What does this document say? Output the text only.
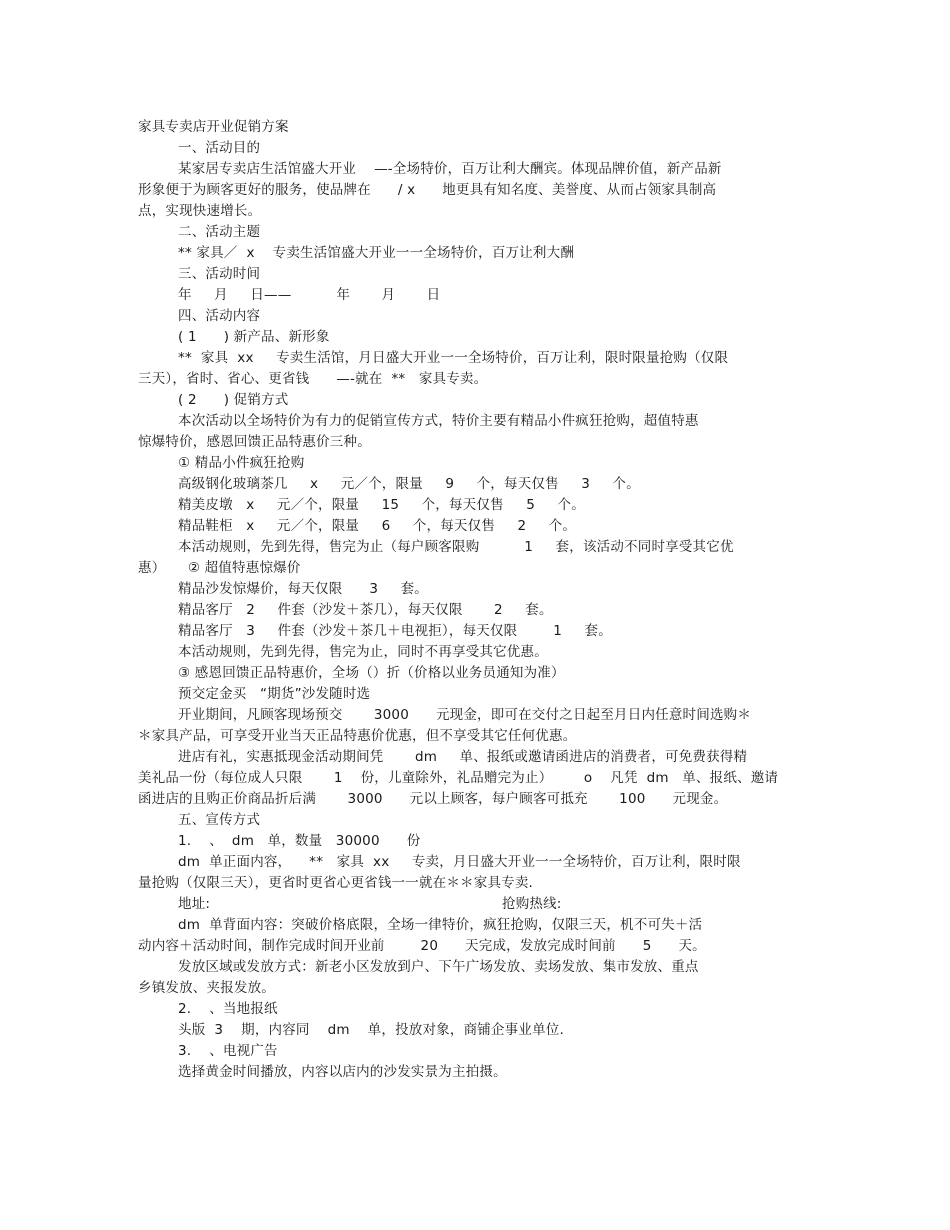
家具专卖店开业促销方案
一、活动目的
某家居专卖店生活馆盛大开业    —-全场特价，百万让利大酬宾。体现品牌价值，新产品新
形象便于为顾客更好的服务，使品牌在      / x      地更具有知名度、美誉度、从而占领家具制高
点，实现快速增长。
二、活动主题
** 家具／  x    专卖生活馆盛大开业一一全场特价，百万让利大酬
三、活动时间
年     月     日——          年       月       日
四、活动内容
( 1      ) 新产品、新形象
**  家具  xx     专卖生活馆，月日盛大开业一一全场特价，百万让利，限时限量抢购（仅限
三天），省时、省心、更省钱      —-就在  **   家具专卖。
( 2      ) 促销方式
本次活动以全场特价为有力的促销宣传方式，特价主要有精品小件疯狂抢购，超值特惠
惊爆特价，感恩回馈正品特惠价三种。
① 精品小件疯狂抢购
高级钢化玻璃茶几     x     元／个，限量     9     个，每天仅售     3     个。
精美皮墩   x     元／个，限量     15     个，每天仅售     5     个。
精品鞋柜   x     元／个，限量     6     个，每天仅售     2     个。
本活动规则，先到先得，售完为止（每户顾客限购          1     套，该活动不同时享受其它优
惠）     ② 超值特惠惊爆价
精品沙发惊爆价，每天仅限      3     套。
精品客厅   2     件套（沙发＋茶几），每天仅限       2     套。
精品客厅   3     件套（沙发＋茶几＋电视拒），每天仅限        1     套。
本活动规则，先到先得，售完为止，同时不再享受其它优惠。
③ 感恩回馈正品特惠价，全场（）折（价格以业务员通知为准）
预交定金买   “期货”沙发随时选
开业期间，凡顾客现场预交       3000      元现金，即可在交付之日起至月日内任意时间选购＊
＊家具产品，可享受开业当天正品特惠价优惠，但不享受其它任何优惠。
进店有礼，实惠抵现金活动期间凭       dm     单、报纸或邀请函进店的消费者，可免费获得精
美礼品一份（每位成人只限       1    份，儿童除外，礼品赠完为止）       o    凡凭  dm   单、报纸、邀请
函进店的且购正价商品折后满       3000      元以上顾客，每户顾客可抵充       100      元现金。
五、宣传方式
1.    、  dm   单，数量   30000      份
dm  单正面内容，    **   家具  xx     专卖，月日盛大开业一一全场特价，百万让利，限时限
量抢购（仅限三天），更省时更省心更省钱一一就在＊＊家具专卖.
地址:	抢购热线:
dm  单背面内容：突破价格底限，全场一律特价，疯狂抢购，仅限三天，机不可失＋活
动内容＋活动时间，制作完成时间开业前        20      天完成，发放完成时间前      5      天。
发放区域或发放方式：新老小区发放到户、下午广场发放、卖场发放、集市发放、重点
乡镇发放、夹报发放。
2.    、当地报纸
头版  3    期，内容同    dm    单，投放对象，商铺企事业单位.
3.    、电视广告
选择黄金时间播放，内容以店内的沙发实景为主拍摄。
